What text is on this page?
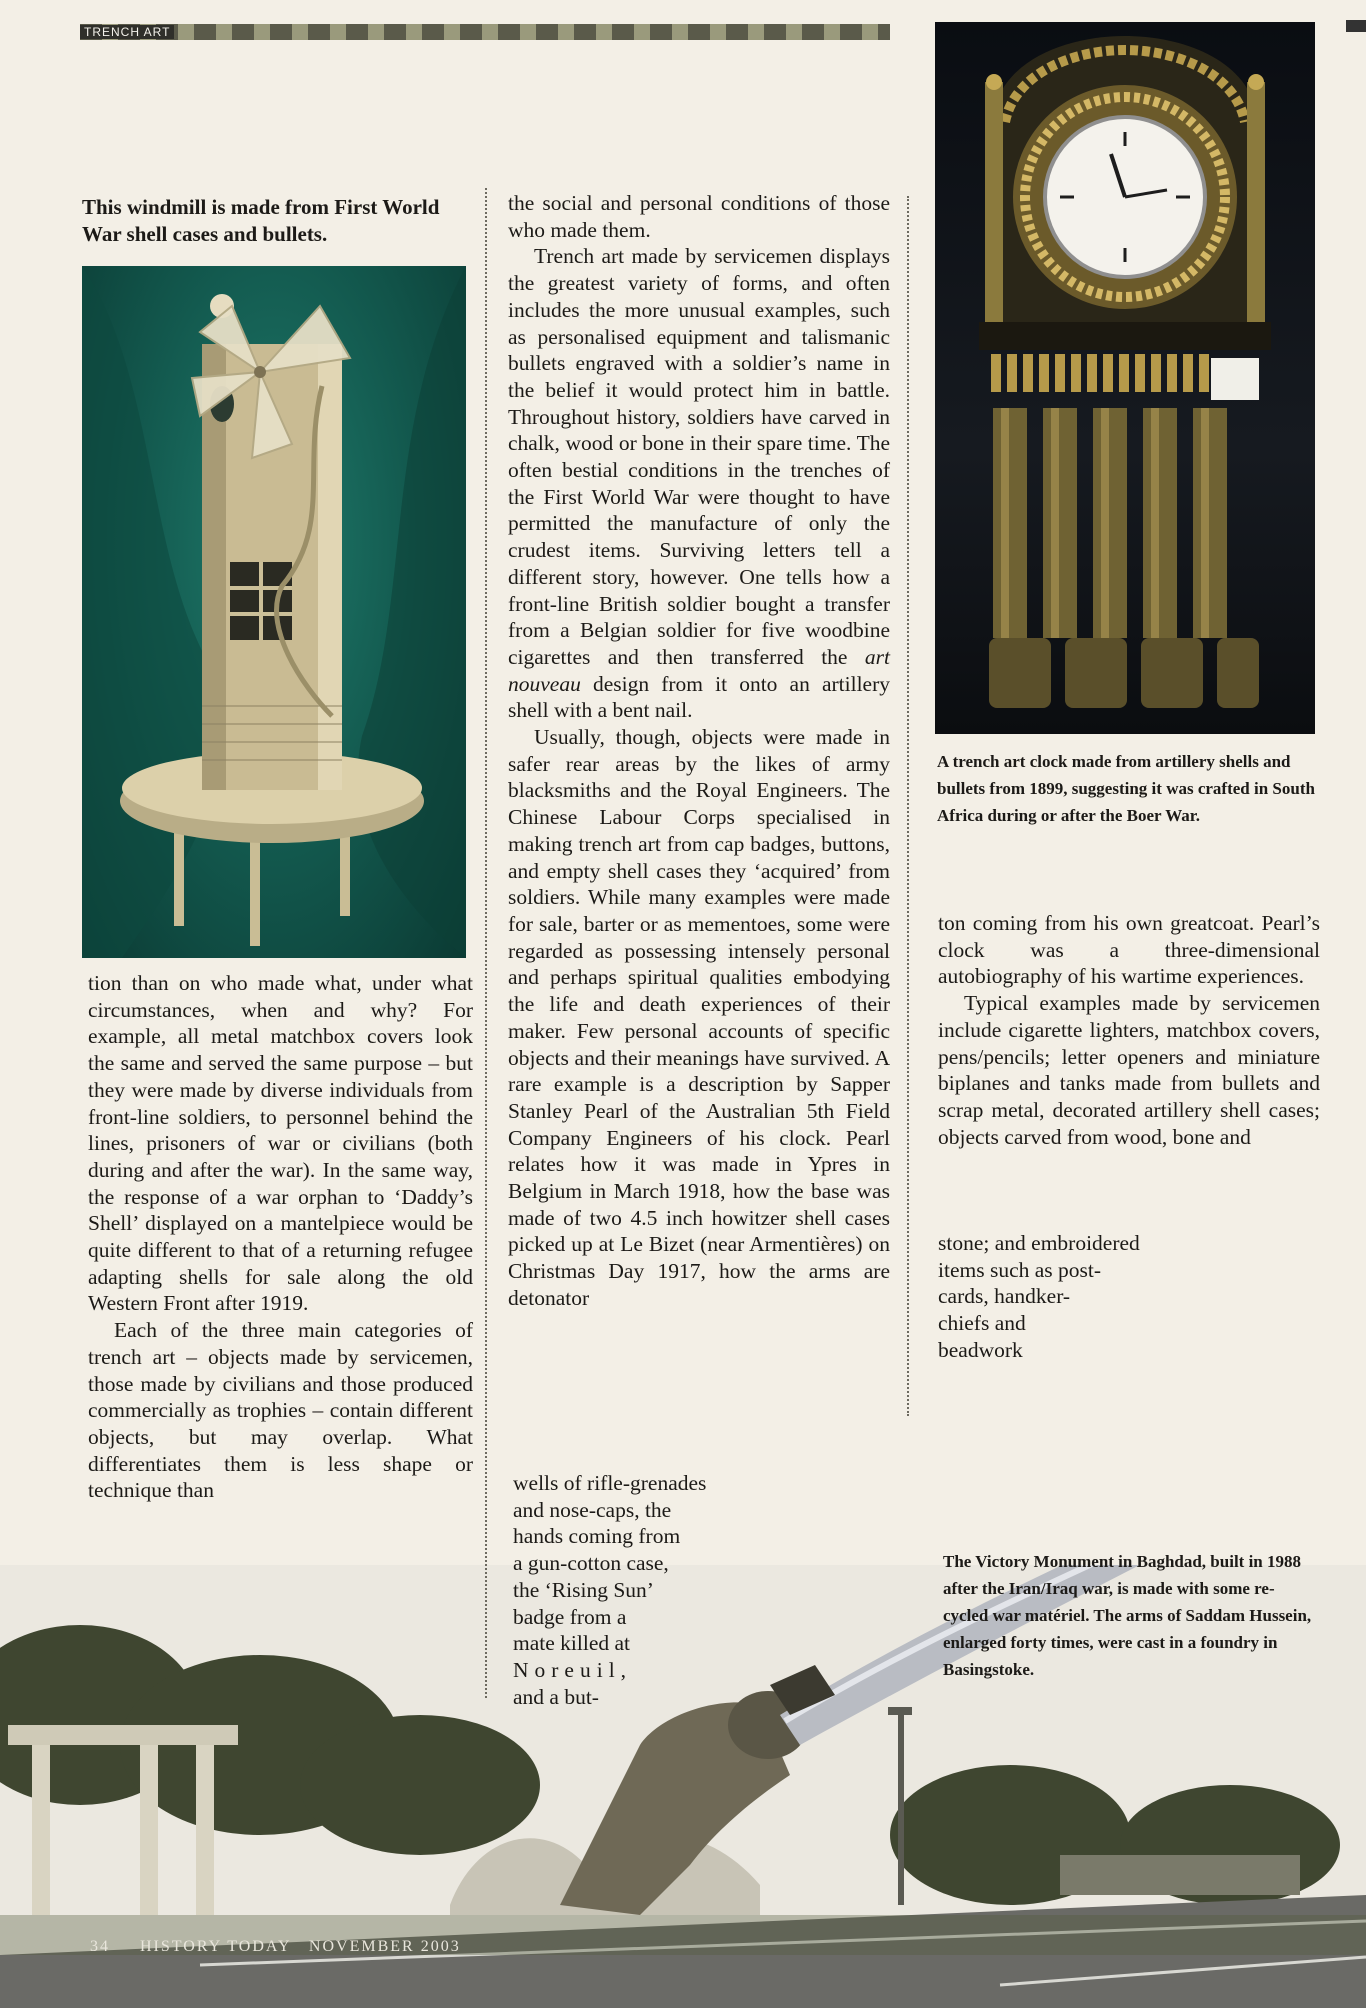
TRENCH ART

This windmill is made from First World War shell cases and bullets.

A trench art clock made from artillery shells and bullets from 1899, suggesting it was crafted in South Africa during or after the Boer War.

tion than on who made what, under what circumstances, when and why? For example, all metal matchbox covers look the same and served the same purpose – but they were made by diverse individuals from front-line soldiers, to personnel behind the lines, prisoners of war or civilians (both during and after the war). In the same way, the response of a war orphan to ‘Daddy’s Shell’ displayed on a mantelpiece would be quite different to that of a returning refugee adapting shells for sale along the old Western Front after 1919.

Each of the three main categories of trench art – objects made by servicemen, those made by civilians and those produced commercially as trophies – contain different objects, but may overlap. What differentiates them is less shape or technique than

the social and personal conditions of those who made them.

Trench art made by servicemen displays the greatest variety of forms, and often includes the more unusual examples, such as personalised equipment and talismanic bullets engraved with a soldier’s name in the belief it would protect him in battle. Throughout history, soldiers have carved in chalk, wood or bone in their spare time. The often bestial conditions in the trenches of the First World War were thought to have permitted the manufacture of only the crudest items. Surviving letters tell a different story, however. One tells how a front-line British soldier bought a transfer from a Belgian soldier for five woodbine cigarettes and then transferred the art nouveau design from it onto an artillery shell with a bent nail.

Usually, though, objects were made in safer rear areas by the likes of army blacksmiths and the Royal Engineers. The Chinese Labour Corps specialised in making trench art from cap badges, buttons, and empty shell cases they ‘acquired’ from soldiers. While many examples were made for sale, barter or as mementoes, some were regarded as possessing intensely personal and perhaps spiritual qualities embodying the life and death experiences of their maker. Few personal accounts of specific objects and their meanings have survived. A rare example is a description by Sapper Stanley Pearl of the Australian 5th Field Company Engineers of his clock. Pearl relates how it was made in Ypres in Belgium in March 1918, how the base was made of two 4.5 inch howitzer shell cases picked up at Le Bizet (near Armentières) on Christmas Day 1917, how the arms are detonator

wells of rifle-grenades
and nose-caps, the
hands coming from
a gun-cotton case,
the ‘Rising Sun’
badge from a
mate killed at
Noreuil,
and a but-

ton coming from his own greatcoat. Pearl’s clock was a three-dimensional autobiography of his wartime experiences.

Typical examples made by servicemen include cigarette lighters, matchbox covers, pens/pencils; letter openers and miniature biplanes and tanks made from bullets and scrap metal, decorated artillery shell cases; objects carved from wood, bone and

stone; and embroidered
items such as post-
cards, handker-
chiefs and
beadwork

The Victory Monument in Baghdad, built in 1988 after the Iran/Iraq war, is made with some re-cycled war matériel. The arms of Saddam Hussein, enlarged forty times, were cast in a foundry in Basingstoke.

34 HISTORY TODAY NOVEMBER 2003
